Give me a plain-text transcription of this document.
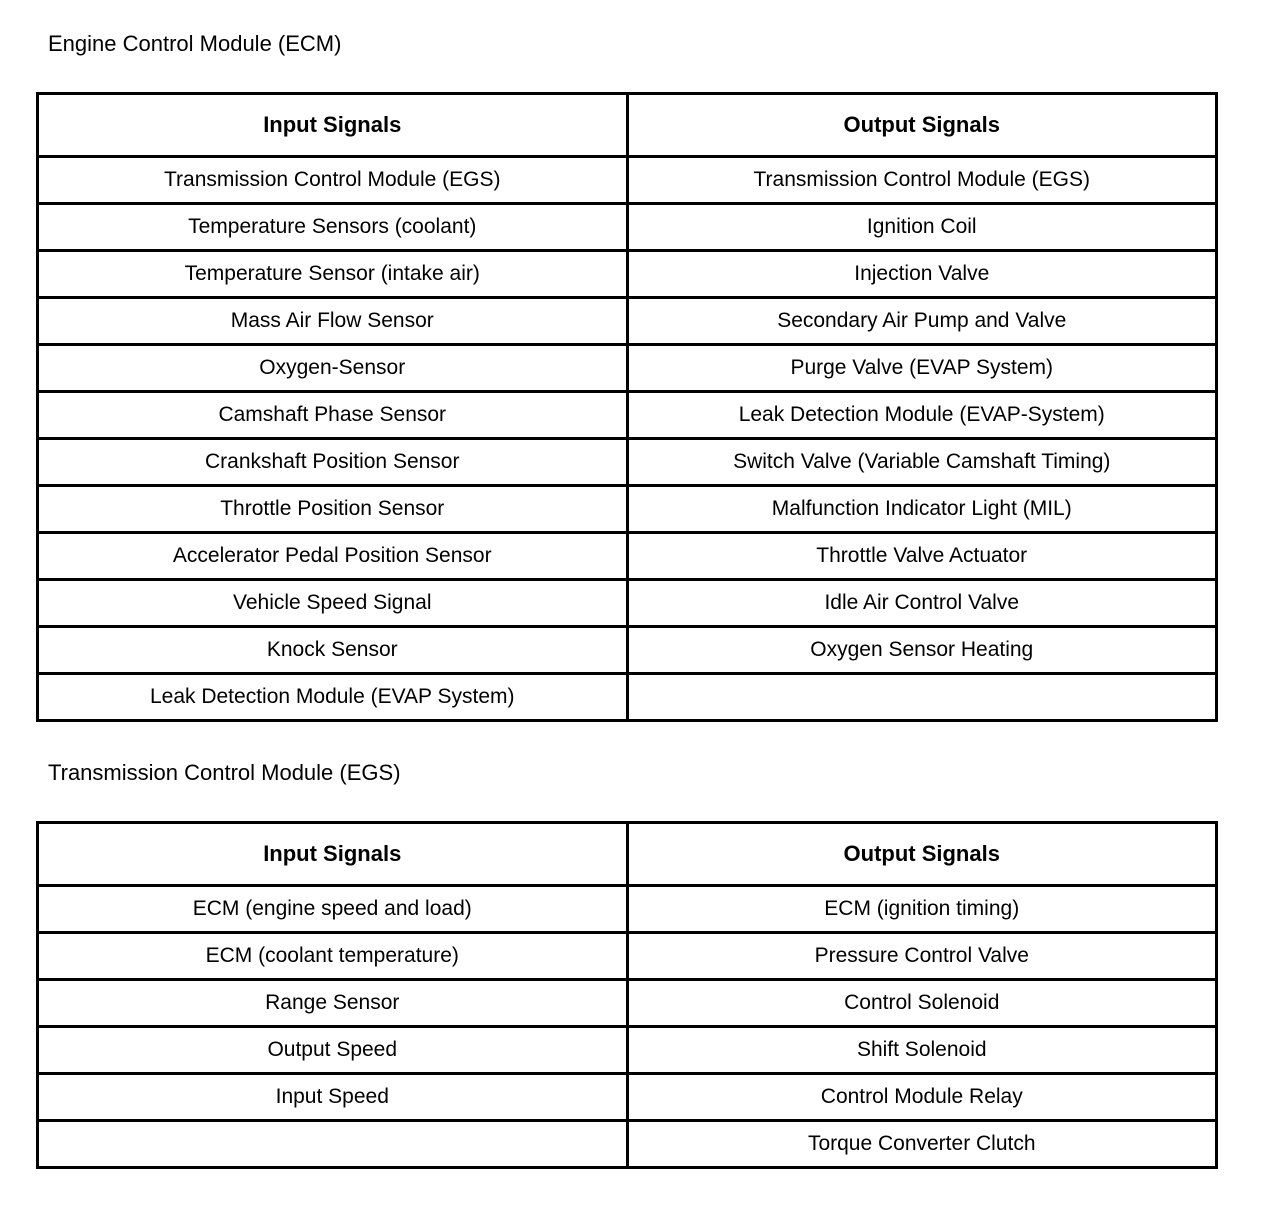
Engine Control Module (ECM)
Input Signals	Output Signals
Transmission Control Module (EGS)	Transmission Control Module (EGS)
Temperature Sensors (coolant)	Ignition Coil
Temperature Sensor (intake air)	Injection Valve
Mass Air Flow Sensor	Secondary Air Pump and Valve
Oxygen-Sensor	Purge Valve (EVAP System)
Camshaft Phase Sensor	Leak Detection Module (EVAP-System)
Crankshaft Position Sensor	Switch Valve (Variable Camshaft Timing)
Throttle Position Sensor	Malfunction Indicator Light (MIL)
Accelerator Pedal Position Sensor	Throttle Valve Actuator
Vehicle Speed Signal	Idle Air Control Valve
Knock Sensor	Oxygen Sensor Heating
Leak Detection Module (EVAP System)	
Transmission Control Module (EGS)
Input Signals	Output Signals
ECM (engine speed and load)	ECM (ignition timing)
ECM (coolant temperature)	Pressure Control Valve
Range Sensor	Control Solenoid
Output Speed	Shift Solenoid
Input Speed	Control Module Relay
	Torque Converter Clutch
